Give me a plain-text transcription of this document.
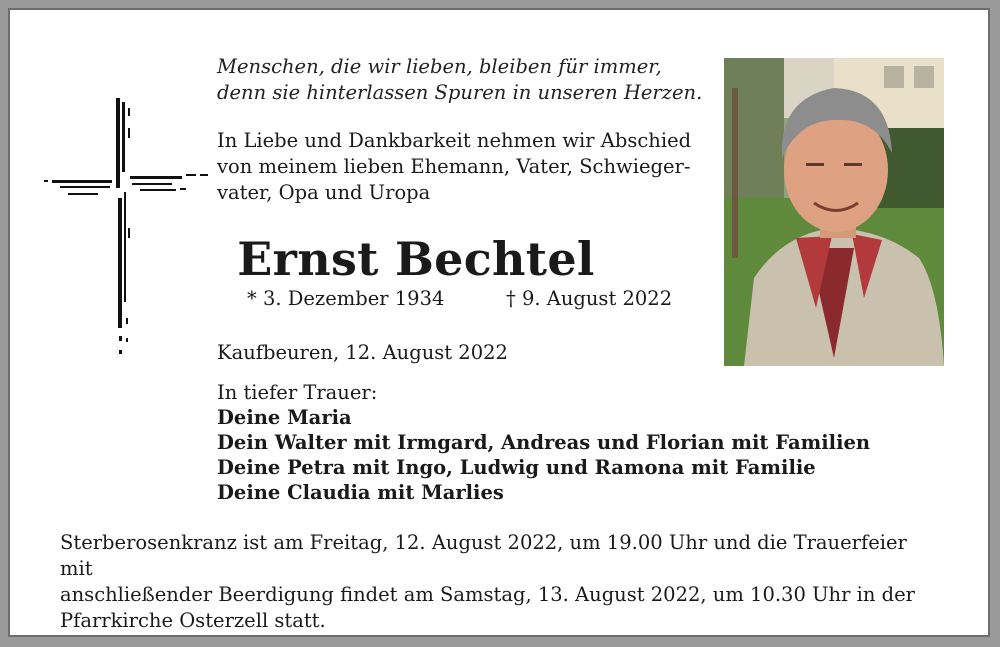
Menschen, die wir lieben, bleiben für immer,
denn sie hinterlassen Spuren in unseren Herzen.
In Liebe und Dankbarkeit nehmen wir Abschied
von meinem lieben Ehemann, Vater, Schwieger-
vater, Opa und Uropa
Ernst Bechtel
* 3. Dezember 1934	† 9. August 2022
Kaufbeuren, 12. August 2022
In tiefer Trauer:
Deine Maria
Dein Walter mit Irmgard, Andreas und Florian mit Familien
Deine Petra mit Ingo, Ludwig und Ramona mit Familie
Deine Claudia mit Marlies
Sterberosenkranz ist am Freitag, 12. August 2022, um 19.00 Uhr und die Trauerfeier mit
anschließender Beerdigung findet am Samstag, 13. August 2022, um 10.30 Uhr in der
Pfarrkirche Osterzell statt.
